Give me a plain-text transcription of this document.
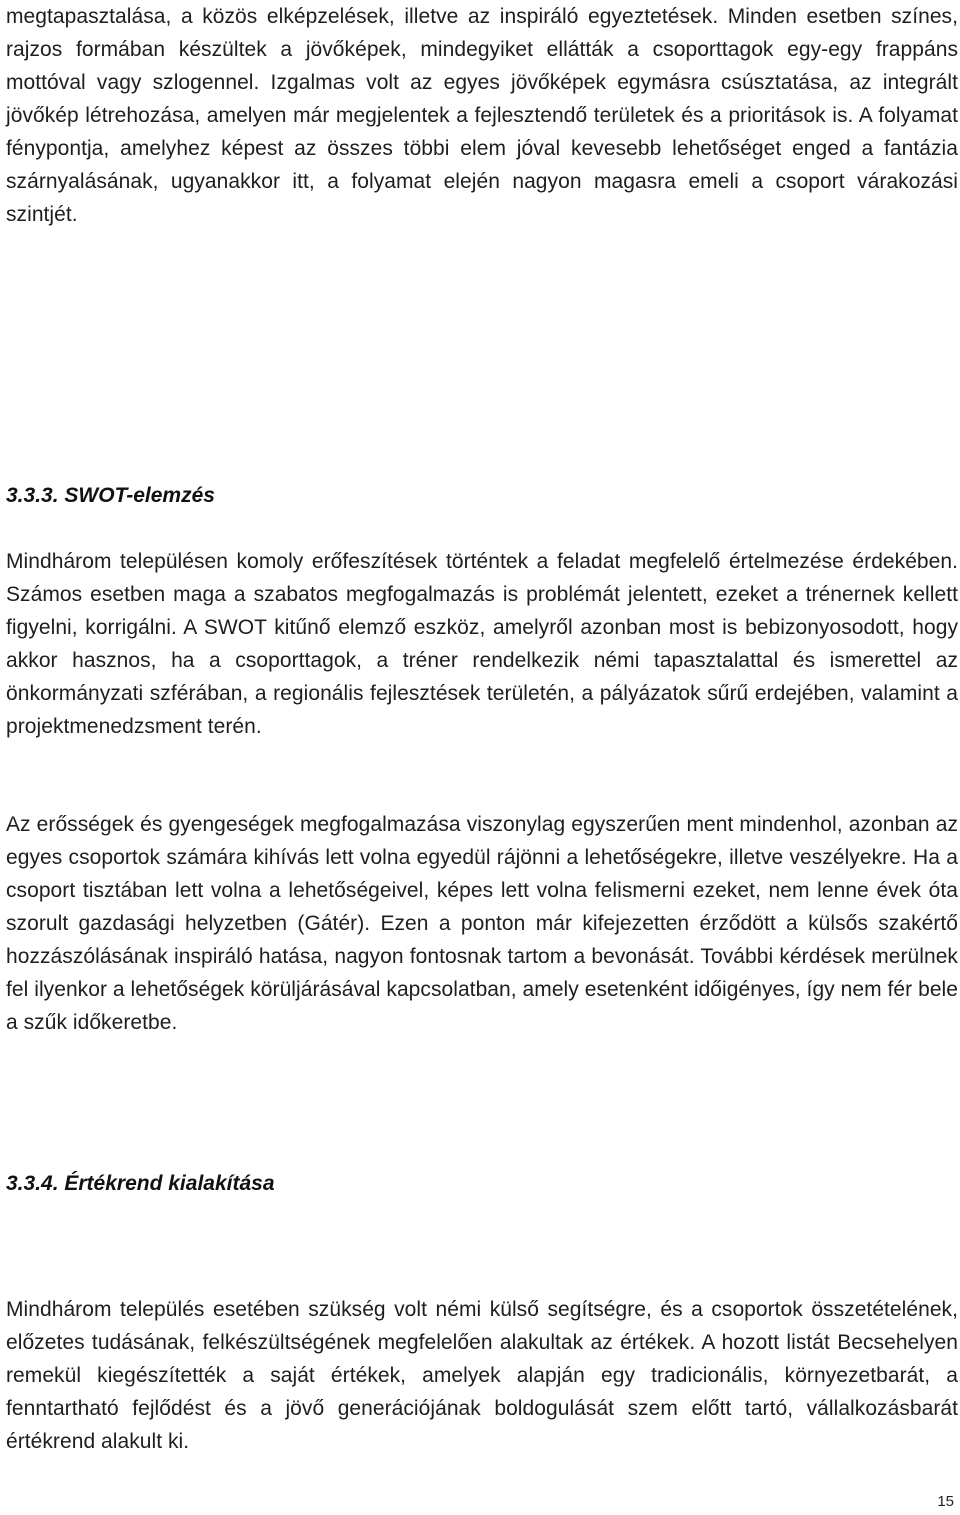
megtapasztalása, a közös elképzelések, illetve az inspiráló egyeztetések. Minden esetben színes, rajzos formában készültek a jövőképek, mindegyiket ellátták a csoporttagok egy-egy frappáns mottóval vagy szlogennel. Izgalmas volt az egyes jövőképek egymásra csúsztatása, az integrált jövőkép létrehozása, amelyen már megjelentek a fejlesztendő területek és a prioritások is. A folyamat fénypontja, amelyhez képest az összes többi elem jóval kevesebb lehetőséget enged a fantázia szárnyalásának, ugyanakkor itt, a folyamat elején nagyon magasra emeli a csoport várakozási szintjét.

3.3.3. SWOT-elemzés

Mindhárom településen komoly erőfeszítések történtek a feladat megfelelő értelmezése érdekében. Számos esetben maga a szabatos megfogalmazás is problémát jelentett, ezeket a trénernek kellett figyelni, korrigálni. A SWOT kitűnő elemző eszköz, amelyről azonban most is bebizonyosodott, hogy akkor hasznos, ha a csoporttagok, a tréner rendelkezik némi tapasztalattal és ismerettel az önkormányzati szférában, a regionális fejlesztések területén, a pályázatok sűrű erdejében, valamint a projektmenedzsment terén.

Az erősségek és gyengeségek megfogalmazása viszonylag egyszerűen ment mindenhol, azonban az egyes csoportok számára kihívás lett volna egyedül rájönni a lehetőségekre, illetve veszélyekre. Ha a csoport tisztában lett volna a lehetőségeivel, képes lett volna felismerni ezeket, nem lenne évek óta szorult gazdasági helyzetben (Gátér). Ezen a ponton már kifejezetten érződött a külsős szakértő hozzászólásának inspiráló hatása, nagyon fontosnak tartom a bevonását. További kérdések merülnek fel ilyenkor a lehetőségek körüljárásával kapcsolatban, amely esetenként időigényes, így nem fér bele a szűk időkeretbe.

3.3.4. Értékrend kialakítása

Mindhárom település esetében szükség volt némi külső segítségre, és a csoportok összetételének, előzetes tudásának, felkészültségének megfelelően alakultak az értékek. A hozott listát Becsehelyen remekül kiegészítették a saját értékek, amelyek alapján egy tradicionális, környezetbarát, a fenntartható fejlődést és a jövő generációjának boldogulását szem előtt tartó, vállalkozásbarát értékrend alakult ki.

15
